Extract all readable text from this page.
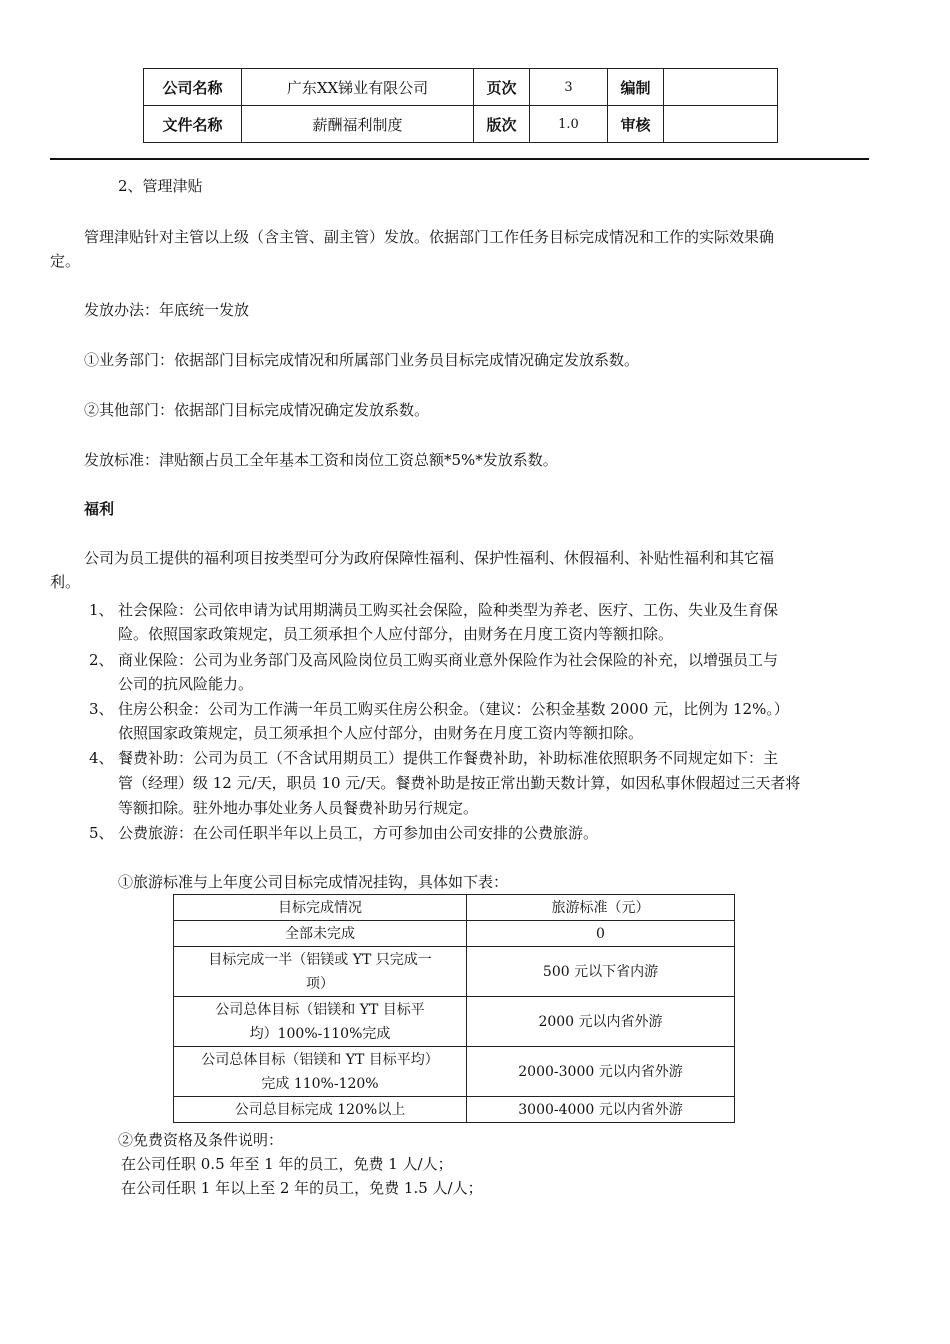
公司名称	广东XX锑业有限公司	页次	3	编制	
文件名称	薪酬福利制度	版次	1.0	审核	
2、管理津贴
管理津贴针对主管以上级（含主管、副主管）发放。依据部门工作任务目标完成情况和工作的实际效果确
定。
发放办法：年底统一发放
①业务部门：依据部门目标完成情况和所属部门业务员目标完成情况确定发放系数。
②其他部门：依据部门目标完成情况确定发放系数。
发放标准：津贴额占员工全年基本工资和岗位工资总额*5%*发放系数。
福利
公司为员工提供的福利项目按类型可分为政府保障性福利、保护性福利、休假福利、补贴性福利和其它福
利。
1、 社会保险：公司依申请为试用期满员工购买社会保险，险种类型为养老、医疗、工伤、失业及生育保
险。依照国家政策规定，员工须承担个人应付部分，由财务在月度工资内等额扣除。
2、 商业保险：公司为业务部门及高风险岗位员工购买商业意外保险作为社会保险的补充，以增强员工与
公司的抗风险能力。
3、 住房公积金：公司为工作满一年员工购买住房公积金。（建议：公积金基数 2000 元，比例为 12%。）
依照国家政策规定，员工须承担个人应付部分，由财务在月度工资内等额扣除。
4、 餐费补助：公司为员工（不含试用期员工）提供工作餐费补助，补助标准依照职务不同规定如下：主
管（经理）级 12 元/天，职员 10 元/天。餐费补助是按正常出勤天数计算，如因私事休假超过三天者将
等额扣除。驻外地办事处业务人员餐费补助另行规定。
5、 公费旅游：在公司任职半年以上员工，方可参加由公司安排的公费旅游。
①旅游标准与上年度公司目标完成情况挂钩，具体如下表：
目标完成情况	旅游标准（元）
全部未完成	0

目标完成一半（铝镁或 YT 只完成一
项）	500 元以下省内游

公司总体目标（铝镁和 YT 目标平
均）100%-110%完成	2000 元以内省外游

公司总体目标（铝镁和 YT 目标平均）
完成 110%-120%	2000-3000 元以内省外游
公司总目标完成 120%以上	3000-4000 元以内省外游
②免费资格及条件说明：
在公司任职 0.5 年至 1 年的员工，免费 1 人/人；
在公司任职 1 年以上至 2 年的员工，免费 1.5 人/人；
